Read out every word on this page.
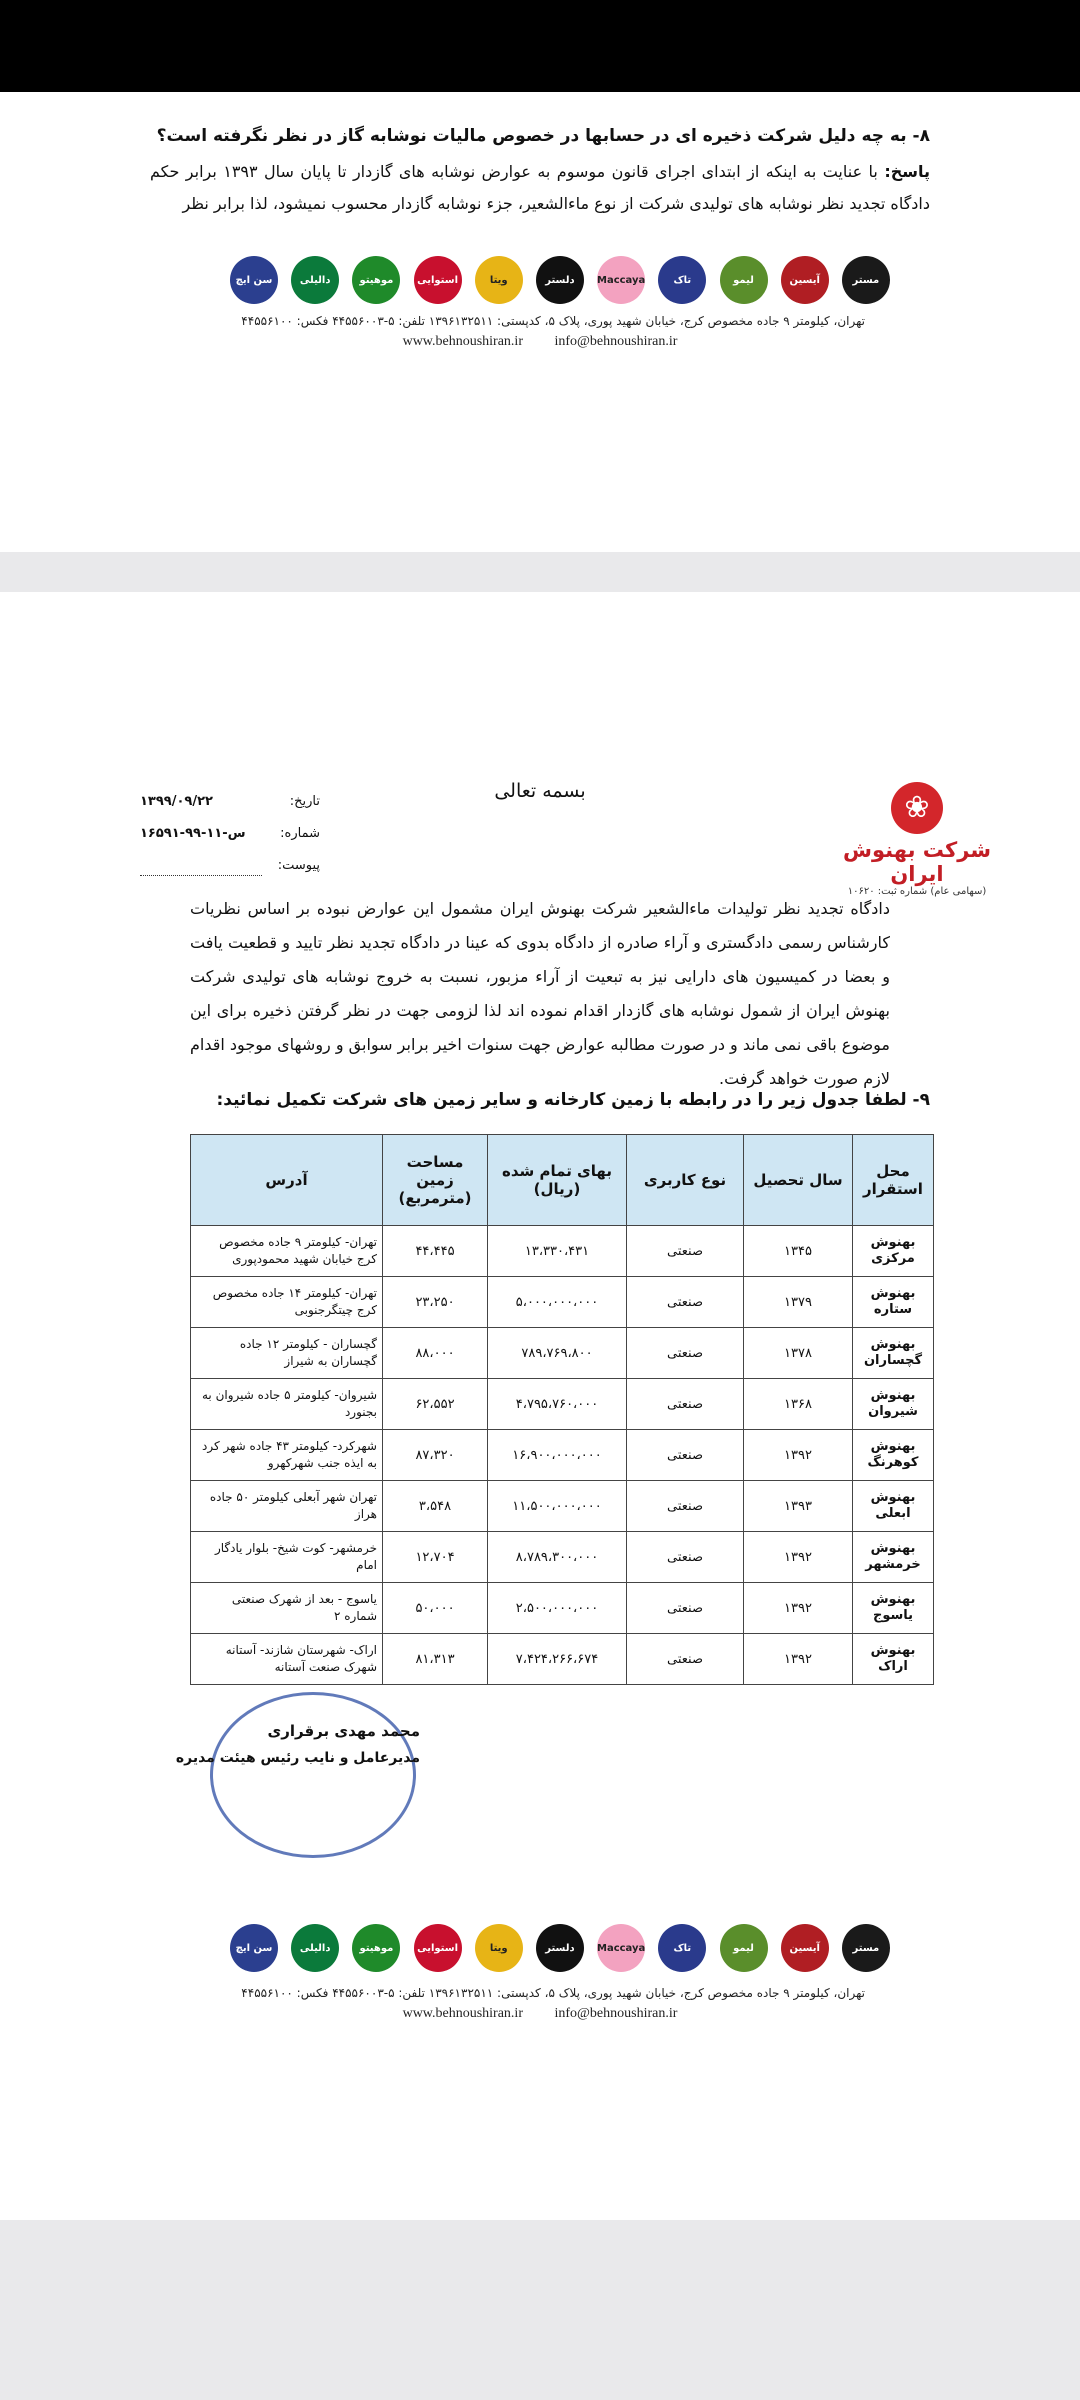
۸- به چه دلیل شرکت ذخیره ای در حسابها در خصوص مالیات نوشابه گاز در نظر نگرفته است؟
پاسخ: با عنایت به اینکه از ابتدای اجرای قانون موسوم به عوارض نوشابه های گازدار تا پایان سال ۱۳۹۳ برابر حکم دادگاه تجدید نظر نوشابه های تولیدی شرکت از نوع ماءالشعیر، جزء نوشابه گازدار محسوب نمیشود، لذا برابر نظر
سن ایچ	دالیلی	موهیتو	استوایی	ویتا	دلستر	Maccaya	تاک	لیمو	آیسین	مستر
تهران، کیلومتر ۹ جاده مخصوص کرج، خیابان شهید پوری، پلاک ۵، کدپستی: ۱۳۹۶۱۳۲۵۱۱ تلفن: ۵-۴۴۵۵۶۰۰۳ فکس: ۴۴۵۵۶۱۰۰
www.behnoushiran.ir info@behnoushiran.ir
بسمه تعالی	❀
شرکت بهنوش ایران
(سهامی عام) شماره ثبت: ۱۰۶۲۰
تاریخ:
۱۳۹۹/۰۹/۲۲
شماره:
۱۶۵۹۱-س-۱۱-۹۹
پیوست:
دادگاه تجدید نظر تولیدات ماءالشعیر شرکت بهنوش ایران مشمول این عوارض نبوده بر اساس نظریات کارشناس رسمی دادگستری و آراء صادره از دادگاه بدوی که عینا در دادگاه تجدید نظر تایید و قطعیت یافت و بعضا در کمیسیون های دارایی نیز به تبعیت از آراء مزبور، نسبت به خروج نوشابه های تولیدی شرکت بهنوش ایران از شمول نوشابه های گازدار اقدام نموده اند لذا لزومی جهت در نظر گرفتن ذخیره برای این موضوع باقی نمی ماند و در صورت مطالبه عوارض جهت سنوات اخیر برابر سوابق و روشهای موجود اقدام لازم صورت خواهد گرفت.
۹- لطفا جدول زیر را در رابطه با زمین کارخانه و سایر زمین های شرکت تکمیل نمائید:
محل استقرار	سال تحصیل	نوع کاربری	بهای تمام شده (ریال)	مساحت زمین (مترمربع)	آدرس
بهنوش مرکزی	۱۳۴۵	صنعتی	۱۳،۳۳۰،۴۳۱	۴۴،۴۴۵	تهران- کیلومتر ۹ جاده مخصوص کرج خیابان شهید محمودپوری
بهنوش ستاره	۱۳۷۹	صنعتی	۵،۰۰۰،۰۰۰،۰۰۰	۲۳،۲۵۰	تهران- کیلومتر ۱۴ جاده مخصوص کرج چیتگرجنوبی
بهنوش گچساران	۱۳۷۸	صنعتی	۷۸۹،۷۶۹،۸۰۰	۸۸،۰۰۰	گچساران - کیلومتر ۱۲ جاده گچساران به شیراز
بهنوش شیروان	۱۳۶۸	صنعتی	۴،۷۹۵،۷۶۰،۰۰۰	۶۲،۵۵۲	شیروان- کیلومتر ۵ جاده شیروان به بجنورد
بهنوش کوهرنگ	۱۳۹۲	صنعتی	۱۶،۹۰۰،۰۰۰،۰۰۰	۸۷،۳۲۰	شهرکرد- کیلومتر ۴۳ جاده شهر کرد به ایذه جنب شهرکهرو
بهنوش ابعلی	۱۳۹۳	صنعتی	۱۱،۵۰۰،۰۰۰،۰۰۰	۳،۵۴۸	تهران شهر آبعلی کیلومتر ۵۰ جاده هراز
بهنوش خرمشهر	۱۳۹۲	صنعتی	۸،۷۸۹،۳۰۰،۰۰۰	۱۲،۷۰۴	خرمشهر- کوت شیخ- بلوار یادگار امام
بهنوش یاسوج	۱۳۹۲	صنعتی	۲،۵۰۰،۰۰۰،۰۰۰	۵۰،۰۰۰	یاسوج - بعد از شهرک صنعتی شماره ۲
بهنوش اراک	۱۳۹۲	صنعتی	۷،۴۲۴،۲۶۶،۶۷۴	۸۱،۳۱۳	اراک- شهرستان شازند- آستانه شهرک صنعت آستانه
محمد مهدی برقراری
مدیرعامل و نایب رئیس هیئت مدیره
سن ایچ	دالیلی	موهیتو	استوایی	ویتا	دلستر	Maccaya	تاک	لیمو	آیسین	مستر
تهران، کیلومتر ۹ جاده مخصوص کرج، خیابان شهید پوری، پلاک ۵، کدپستی: ۱۳۹۶۱۳۲۵۱۱ تلفن: ۵-۴۴۵۵۶۰۰۳ فکس: ۴۴۵۵۶۱۰۰
www.behnoushiran.ir info@behnoushiran.ir
